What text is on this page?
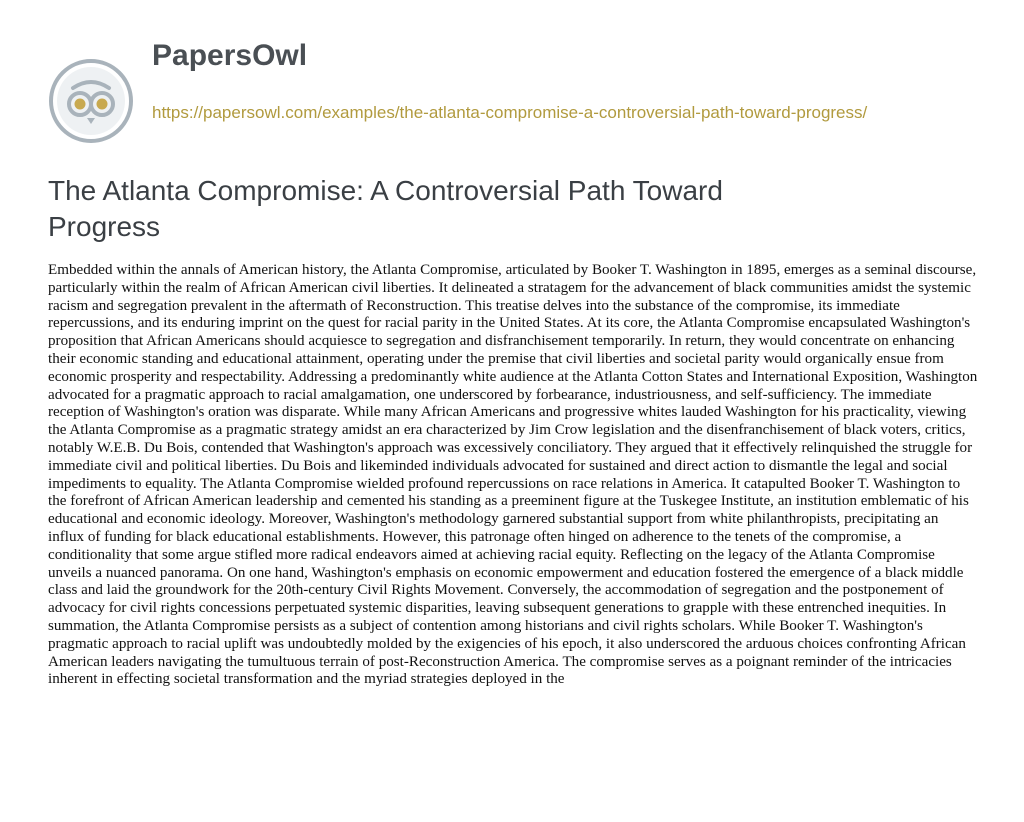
PapersOwl
https://papersowl.com/examples/the-atlanta-compromise-a-controversial-path-toward-progress/
The Atlanta Compromise: A Controversial Path Toward Progress

Embedded within the annals of American history, the Atlanta Compromise, articulated by Booker T. Washington in 1895, emerges as a seminal discourse, particularly within the realm of African American civil liberties. It delineated a stratagem for the advancement of black communities amidst the systemic racism and segregation prevalent in the aftermath of Reconstruction. This treatise delves into the substance of the compromise, its immediate repercussions, and its enduring imprint on the quest for racial parity in the United States. At its core, the Atlanta Compromise encapsulated Washington's proposition that African Americans should acquiesce to segregation and disfranchisement temporarily. In return, they would concentrate on enhancing their economic standing and educational attainment, operating under the premise that civil liberties and societal parity would organically ensue from economic prosperity and respectability. Addressing a predominantly white audience at the Atlanta Cotton States and International Exposition, Washington advocated for a pragmatic approach to racial amalgamation, one underscored by forbearance, industriousness, and self-sufficiency. The immediate reception of Washington's oration was disparate. While many African Americans and progressive whites lauded Washington for his practicality, viewing the Atlanta Compromise as a pragmatic strategy amidst an era characterized by Jim Crow legislation and the disenfranchisement of black voters, critics, notably W.E.B. Du Bois, contended that Washington's approach was excessively conciliatory. They argued that it effectively relinquished the struggle for immediate civil and political liberties. Du Bois and likeminded individuals advocated for sustained and direct action to dismantle the legal and social impediments to equality. The Atlanta Compromise wielded profound repercussions on race relations in America. It catapulted Booker T. Washington to the forefront of African American leadership and cemented his standing as a preeminent figure at the Tuskegee Institute, an institution emblematic of his educational and economic ideology. Moreover, Washington's methodology garnered substantial support from white philanthropists, precipitating an influx of funding for black educational establishments. However, this patronage often hinged on adherence to the tenets of the compromise, a conditionality that some argue stifled more radical endeavors aimed at achieving racial equity. Reflecting on the legacy of the Atlanta Compromise unveils a nuanced panorama. On one hand, Washington's emphasis on economic empowerment and education fostered the emergence of a black middle class and laid the groundwork for the 20th-century Civil Rights Movement. Conversely, the accommodation of segregation and the postponement of advocacy for civil rights concessions perpetuated systemic disparities, leaving subsequent generations to grapple with these entrenched inequities. In summation, the Atlanta Compromise persists as a subject of contention among historians and civil rights scholars. While Booker T. Washington's pragmatic approach to racial uplift was undoubtedly molded by the exigencies of his epoch, it also underscored the arduous choices confronting African American leaders navigating the tumultuous terrain of post-Reconstruction America. The compromise serves as a poignant reminder of the intricacies inherent in effecting societal transformation and the myriad strategies deployed in the
